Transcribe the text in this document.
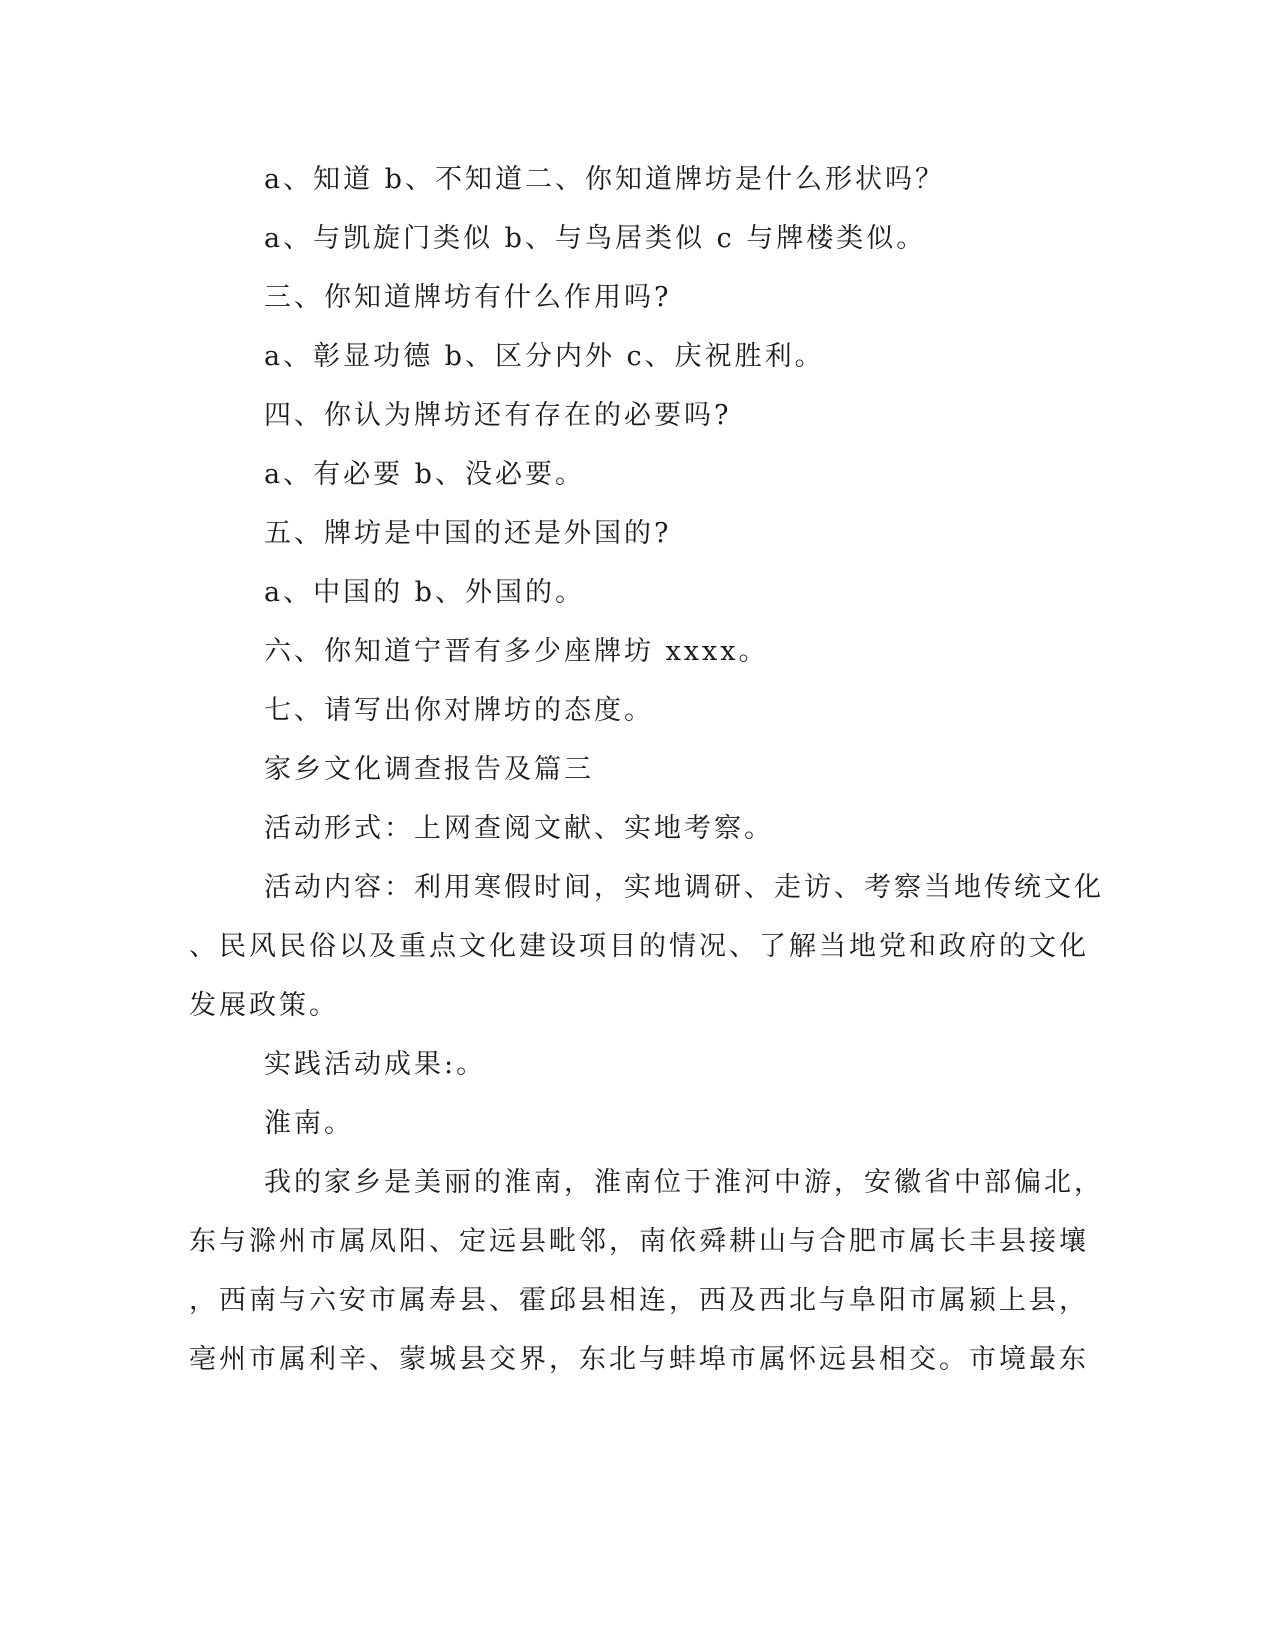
a、知道 b、不知道二、你知道牌坊是什么形状吗？
a、与凯旋门类似 b、与鸟居类似 c 与牌楼类似。
三、你知道牌坊有什么作用吗?
a、彰显功德 b、区分内外 c、庆祝胜利。
四、你认为牌坊还有存在的必要吗?
a、有必要 b、没必要。
五、牌坊是中国的还是外国的?
a、中国的 b、外国的。
六、你知道宁晋有多少座牌坊 xxxx。
七、请写出你对牌坊的态度。
家乡文化调查报告及篇三
活动形式：上网查阅文献、实地考察。
活动内容：利用寒假时间，实地调研、走访、考察当地传统文化
、民风民俗以及重点文化建设项目的情况、了解当地党和政府的文化
发展政策。
实践活动成果:。
淮南。
我的家乡是美丽的淮南，淮南位于淮河中游，安徽省中部偏北，
东与滁州市属凤阳、定远县毗邻，南依舜耕山与合肥市属长丰县接壤
，西南与六安市属寿县、霍邱县相连，西及西北与阜阳市属颍上县，
亳州市属利辛、蒙城县交界，东北与蚌埠市属怀远县相交。市境最东
